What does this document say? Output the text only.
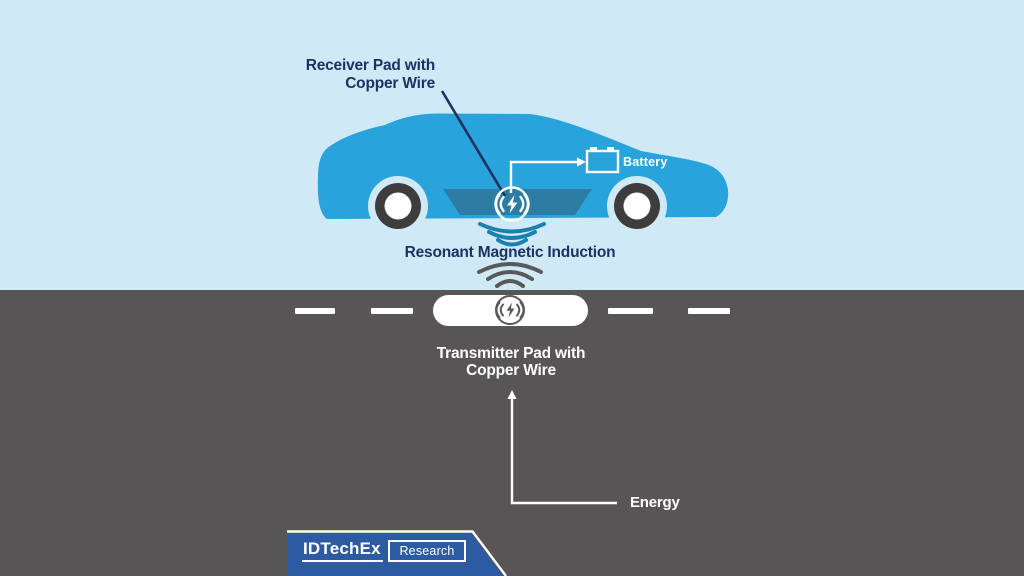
Receiver Pad with
Copper Wire
Battery
Resonant Magnetic Induction
Transmitter Pad with
Copper Wire
Energy
IDTechEx	Research
